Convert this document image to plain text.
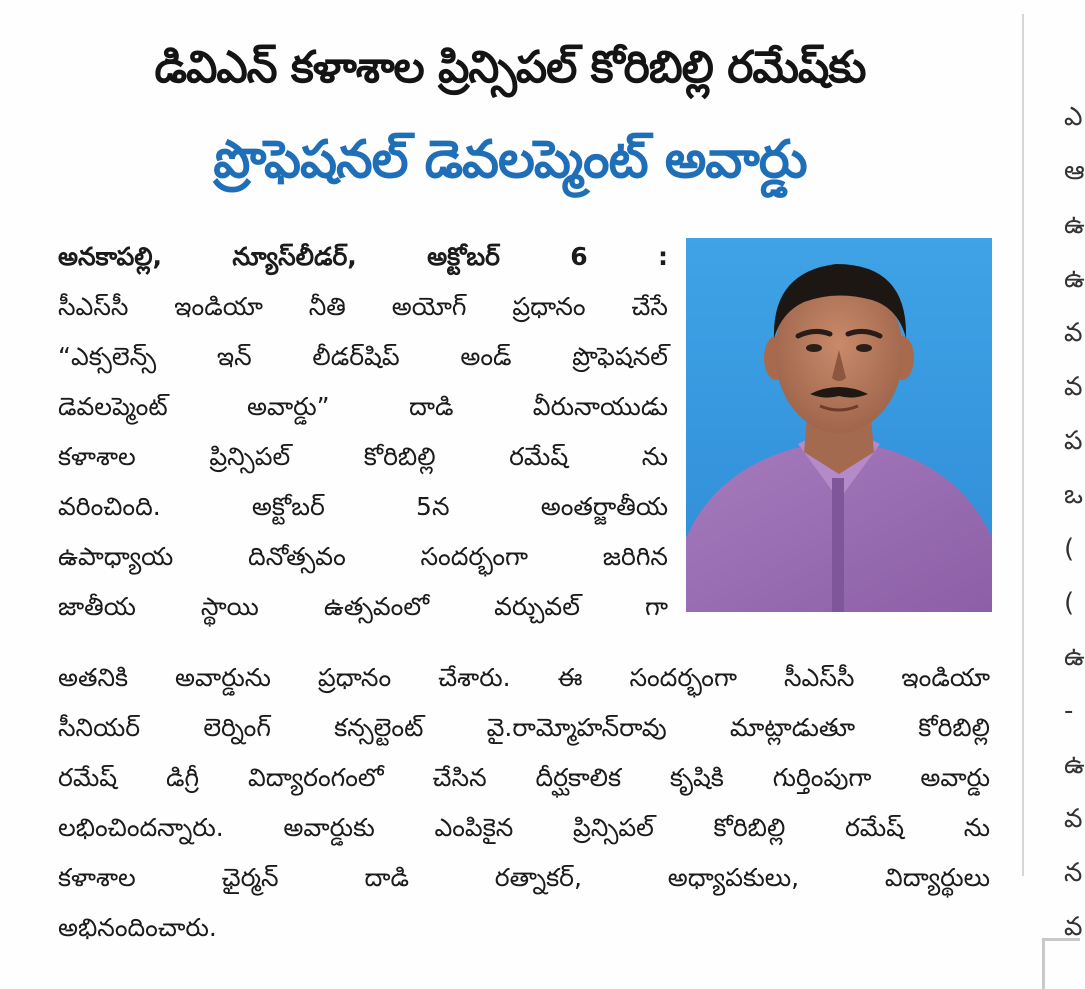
డివిఎన్ కళాశాల ప్రిన్సిపల్ కోరిబిల్లి రమేష్‌కు
ప్రొఫెషనల్ డెవలప్మెంట్ అవార్డు
అనకాపల్లి, న్యూస్‌లీడర్, అక్టోబర్ 6 :
సీఎస్‌సీ ఇండియా నీతి అయోగ్ ప్రధానం చేసే
“ఎక్సలెన్స్ ఇన్ లీడర్‌షిప్ అండ్ ప్రొఫెషనల్
డెవలప్మెంట్ అవార్డు” దాడి వీరునాయుడు
కళాశాల ప్రిన్సిపల్ కోరిబిల్లి రమేష్ ను
వరించింది. అక్టోబర్ 5న అంతర్జాతీయ
ఉపాధ్యాయ దినోత్సవం సందర్భంగా జరిగిన
జాతీయ స్థాయి ఉత్సవంలో వర్చువల్ గా
అతనికి అవార్డును ప్రధానం చేశారు. ఈ సందర్భంగా సీఎస్‌సీ ఇండియా
సీనియర్ లెర్నింగ్ కన్సల్టెంట్ వై.రామ్మోహన్‌రావు మాట్లాడుతూ కోరిబిల్లి
రమేష్ డిగ్రీ విద్యారంగంలో చేసిన దీర్ఘకాలిక కృషికి గుర్తింపుగా అవార్డు
లభించిందన్నారు. అవార్డుకు ఎంపికైన ప్రిన్సిపల్ కోరిబిల్లి రమేష్ ను
కళాశాల ఛైర్మన్ దాడి రత్నాకర్, అధ్యాపకులు, విద్యార్థులు
అభినందించారు.
ఎ
ఆ
ఉ
ఉ
వ
వ
ప
ఒ
(
(
ఉ
-
ఉ
వ
న
వ
